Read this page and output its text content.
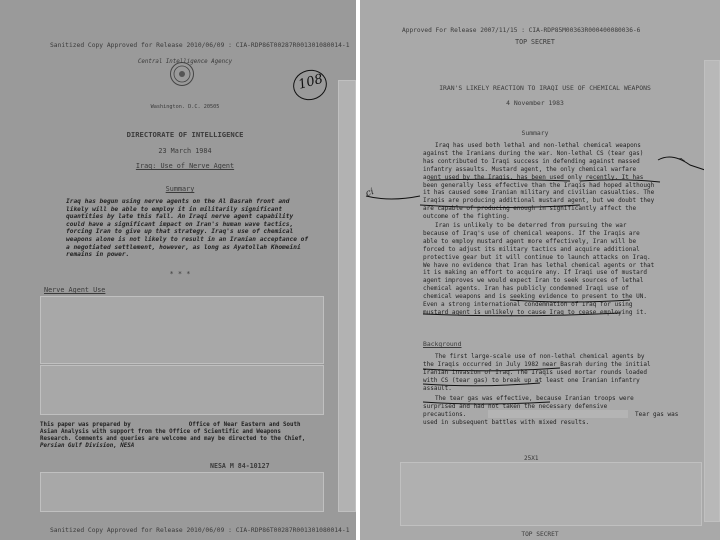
Sanitized Copy Approved for Release 2010/06/09 : CIA-RDP86T00287R001301080014-1
Central Intelligence Agency
Washington. D.C. 20505
108
DIRECTORATE OF INTELLIGENCE
23 March 1984
Iraq: Use of Nerve Agent
Summary
Iraq has begun using nerve agents on the Al Basrah front and
likely will be able to employ it in militarily significant
quantities by late this fall. An Iraqi nerve agent capability
could have a significant impact on Iran's human wave tactics,
forcing Iran to give up that strategy. Iraq's use of chemical
weapons alone is not likely to result in an Iranian acceptance of
a negotiated settlement, however, as long as Ayatollah Khomeini
remains in power.
* * *
Nerve Agent Use
This paper was prepared by	Office of Near Eastern and South
Asian Analysis with support from the Office of Scientific and Weapons
Research. Comments and queries are welcome and may be directed to the Chief,
Persian Gulf Division, NESA
NESA M 84-10127
Sanitized Copy Approved for Release 2010/06/09 : CIA-RDP86T00287R001301080014-1
Approved For Release 2007/11/15 : CIA-RDP85M00363R000400080036-6
TOP SECRET
IRAN'S LIKELY REACTION TO IRAQI USE OF CHEMICAL WEAPONS
4 November 1983
Summary
Iraq has used both lethal and non-lethal chemical weapons
against the Iranians during the war. Non-lethal CS (tear gas)
has contributed to Iraqi success in defending against massed
infantry assaults. Mustard agent, the only chemical warfare
agent used by the Iraqis, has been used only recently. It has
been generally less effective than the Iraqis had hoped although
it has caused some Iranian military and civilian casualties. The
Iraqis are producing additional mustard agent, but we doubt they
are capable of producing enough in significantly affect the
outcome of the fighting.
ci
~
Iran is unlikely to be deterred from pursuing the war
because of Iraq's use of chemical weapons. If the Iraqis are
able to employ mustard agent more effectively, Iran will be
forced to adjust its military tactics and acquire additional
protective gear but it will continue to launch attacks on Iraq.
We have no evidence that Iran has lethal chemical agents or that
it is making an effort to acquire any. If Iraqi use of mustard
agent improves we would expect Iran to seek sources of lethal
chemical agents. Iran has publicly condemned Iraqi use of
chemical weapons and is seeking evidence to present to the UN.
Even a strong international condemnation of Iraq for using
mustard agent is unlikely to cause Iraq to cease employing it.
Background
The first large-scale use of non-lethal chemical agents by
the Iraqis occurred in July 1982 near Basrah during the initial
Iranian invasion of Iraq. The Iraqis used mortar rounds loaded
with CS (tear gas) to break up at least one Iranian infantry
assault.
The tear gas was effective, because Iranian troops were
surprised and had not taken the necessary defensive
precautions.	Tear gas was
used in subsequent battles with mixed results.
25X1
TOP SECRET
